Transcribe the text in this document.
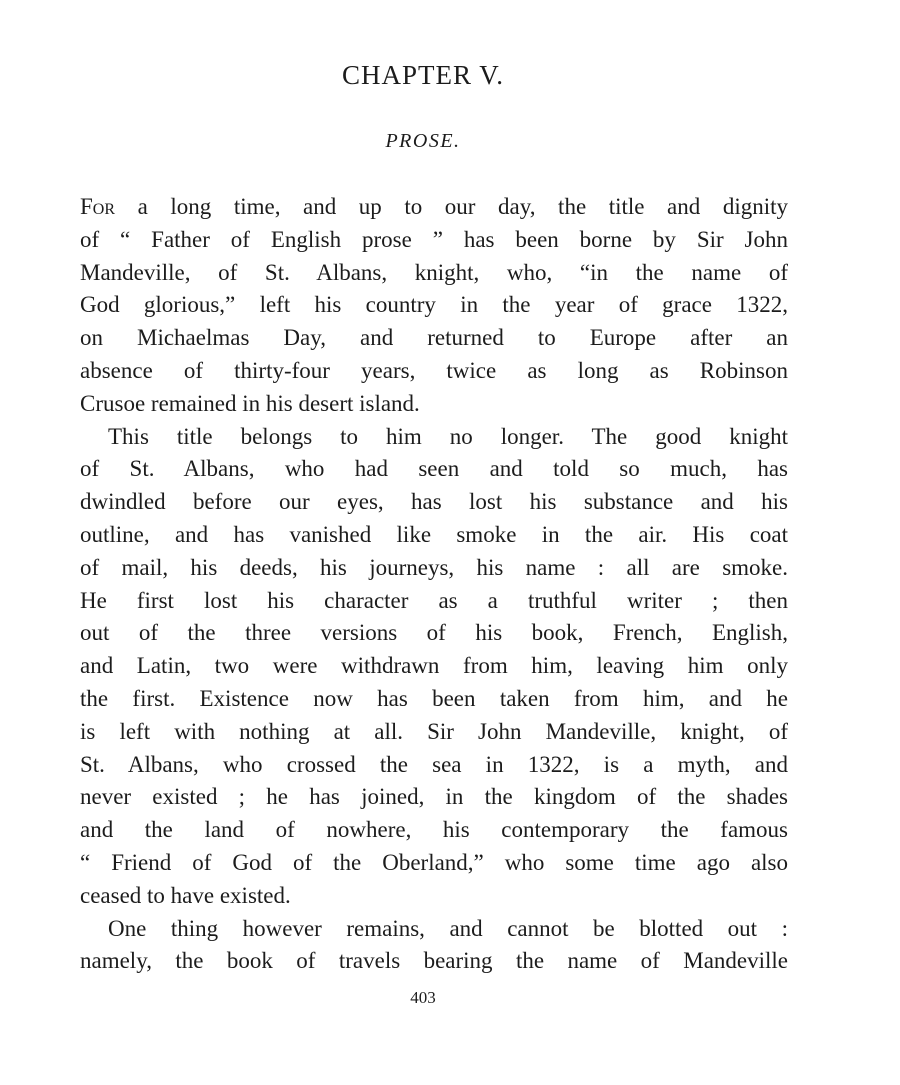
CHAPTER V.
PROSE.

For a long time, and up to our day, the title and dignity
of “ Father of English prose ” has been borne by Sir John
Mandeville, of St. Albans, knight, who, “in the name of
God glorious,” left his country in the year of grace 1322,
on Michaelmas Day, and returned to Europe after an
absence of thirty-four years, twice as long as Robinson
Crusoe remained in his desert island.

This title belongs to him no longer. The good knight
of St. Albans, who had seen and told so much, has
dwindled before our eyes, has lost his substance and his
outline, and has vanished like smoke in the air. His coat
of mail, his deeds, his journeys, his name : all are smoke.
He first lost his character as a truthful writer ; then
out of the three versions of his book, French, English,
and Latin, two were withdrawn from him, leaving him only
the first. Existence now has been taken from him, and he
is left with nothing at all. Sir John Mandeville, knight, of
St. Albans, who crossed the sea in 1322, is a myth, and
never existed ; he has joined, in the kingdom of the shades
and the land of nowhere, his contemporary the famous
“ Friend of God of the Oberland,” who some time ago also
ceased to have existed.

One thing however remains, and cannot be blotted out :
namely, the book of travels bearing the name of Mandeville

403
